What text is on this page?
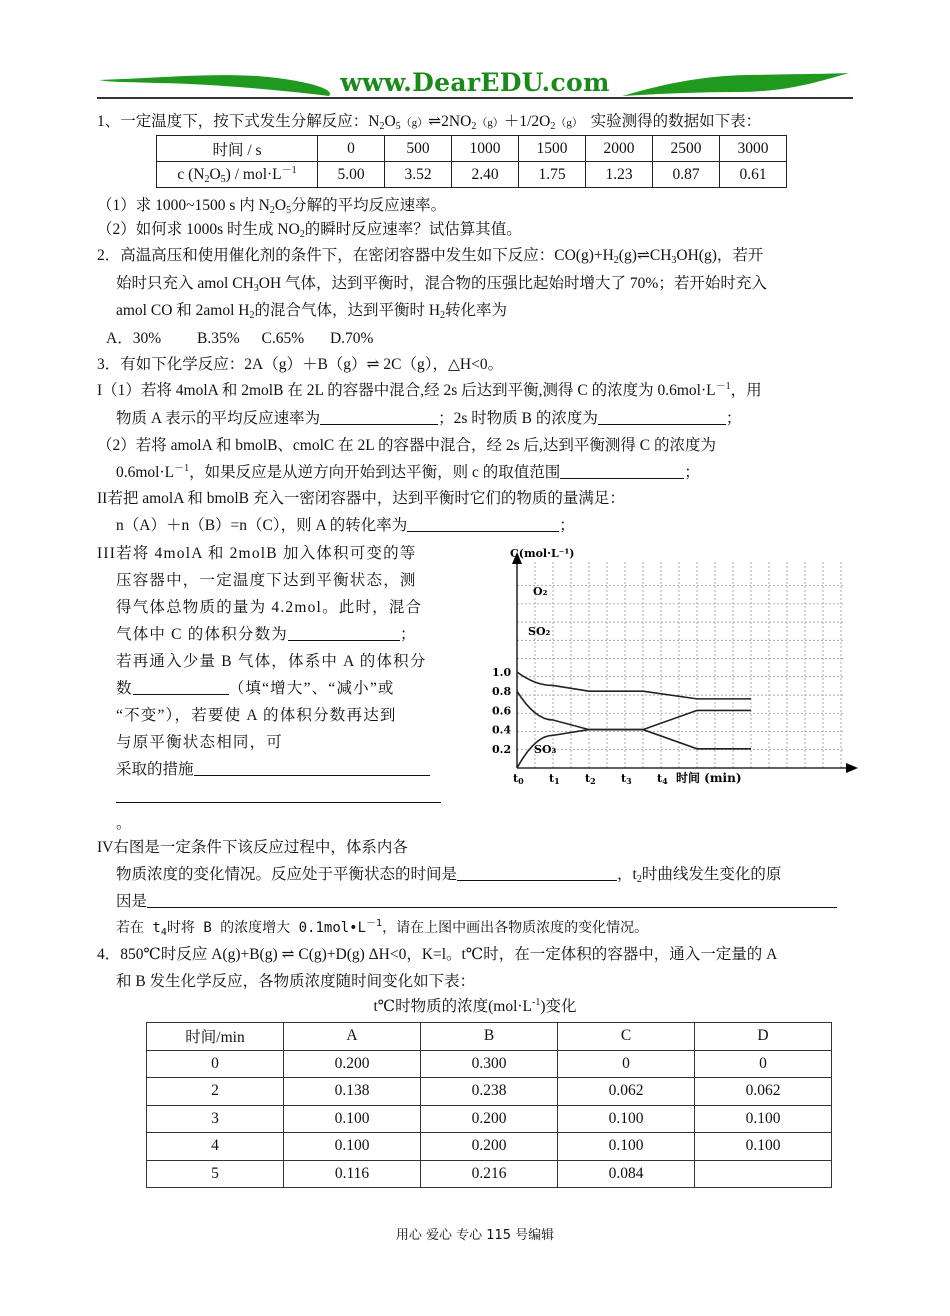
www.DearEDU.com
1、一定温度下，按下式发生分解反应：$N_2O_5(g)\rightleftharpoons 2NO_2(g)+1/2O_2(g)$ 实验测得的数据如下表：
时间 / s	0	500	1000	1500	2000	2500	3000
c $(N_2O_5) / mol\cdot L^{-1}$	5.00	3.52	2.40	1.75	1.23	0.87	0.61
（1）求 1000~1500 s 内 $N_2O_5$分解的平均反应速率。
（2）如何求 1000s 时生成 $NO_2$的瞬时反应速率？试估算其值。
2．高温高压和使用催化剂的条件下，在密闭容器中发生如下反应：$CO(g)+H_2(g)\rightleftharpoons CH_3OH(g)$，若开
始时只充入 amol $CH_3OH$ 气体，达到平衡时，混合物的压强比起始时增大了 70%；若开始时充入
amol CO 和 2amol $H_2$的混合气体，达到平衡时 $H_2$转化率为
A．30% B.35% C.65% D.70%
3．有如下化学反应：2A（g）＋B（g）⇌ 2C（g），△H<0。
I（1）若将 4molA 和 2molB 在 2L 的容器中混合,经 2s 后达到平衡,测得 C 的浓度为 $0.6mol\cdot L^{-1}$，用
物质 A 表示的平均反应速率为	；2s 时物质 B 的浓度为	；
（2）若将 amolA 和 bmolB、cmolC 在 2L 的容器中混合，经 2s 后,达到平衡测得 C 的浓度为
$0.6mol\cdot L^{-1}$，如果反应是从逆方向开始到达平衡，则 c 的取值范围	；
II若把 amolA 和 bmolB 充入一密闭容器中，达到平衡时它们的物质的量满足：
n（A）＋n（B）=n（C），则 A 的转化率为	；
III若将 4molA 和 2molB 加入体积可变的等
压容器中，一定温度下达到平衡状态，测
得气体总物质的量为 4.2mol。此时，混合
气体中 C 的体积分数为	；
若再通入少量 B 气体，体系中 A 的体积分
数	（填“增大”、“减小”或
“不变”），若要使 A 的体积分数再达到
与原平衡状态相同，可
采取的措施
。
C(mol·L⁻¹)
1.0
0.8
0.6
0.4
0.2
t0 t1 t2 t3 t4 时间 (min)
O₂
SO₂
SO₃
IV右图是一定条件下该反应过程中，体系内各
物质浓度的变化情况。反应处于平衡状态的时间是	，$t_2$时曲线发生变化的原
因是
若在 $t_4$时将 B 的浓度增大 $0.1mol•L^{-1}$，请在上图中画出各物质浓度的变化情况。
4．850℃时反应 A(g)+B(g) ⇌ C(g)+D(g) ΔH<0，K=l。t℃时，在一定体积的容器中，通入一定量的 A
和 B 发生化学反应，各物质浓度随时间变化如下表：
t℃时物质的浓度$(mol\cdot L^{-1})$变化
时间/min	A	B	C	D
0	0.200	0.300	0	0
2	0.138	0.238	0.062	0.062
3	0.100	0.200	0.100	0.100
4	0.100	0.200	0.100	0.100
5	0.116	0.216	0.084	
用心 爱心 专心 115 号编辑
